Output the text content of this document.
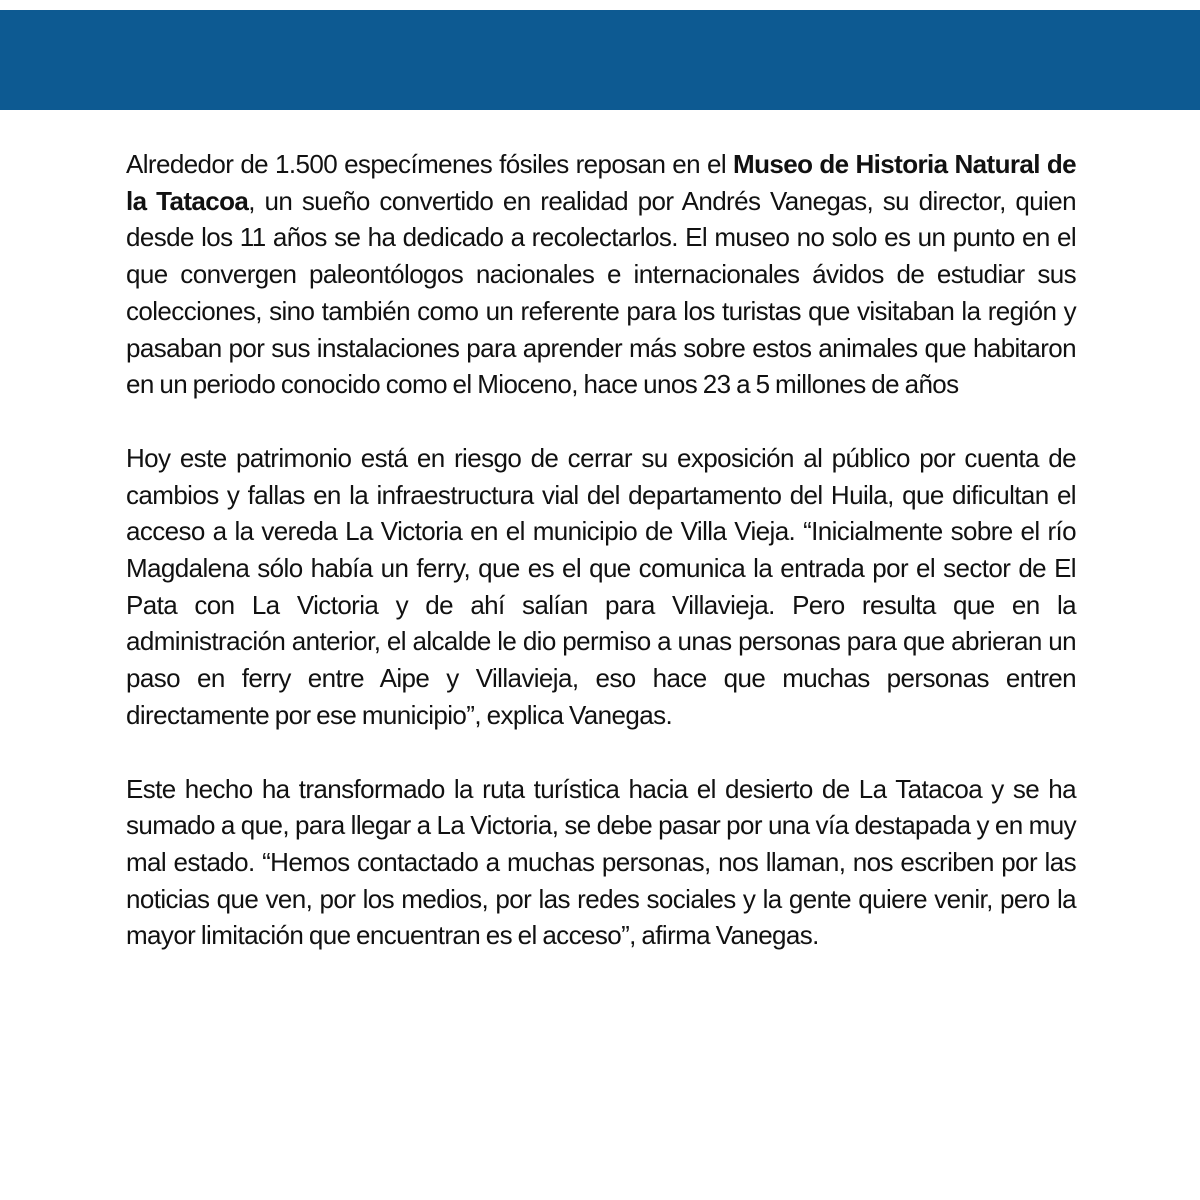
Alrededor de 1.500 especímenes fósiles reposan en el Museo de Historia Natural de la Tatacoa, un sueño convertido en realidad por Andrés Vanegas, su director, quien desde los 11 años se ha dedicado a recolectarlos. El museo no solo es un punto en el que convergen paleontólogos nacionales e internacionales ávidos de estudiar sus colecciones, sino también como un referente para los turistas que visitaban la región y pasaban por sus instalaciones para aprender más sobre estos animales que habitaron en un periodo conocido como el Mioceno, hace unos 23 a 5 millones de años

Hoy este patrimonio está en riesgo de cerrar su exposición al público por cuenta de cambios y fallas en la infraestructura vial del departamento del Huila, que dificultan el acceso a la vereda La Victoria en el municipio de Villa Vieja. “Inicialmente sobre el río Magdalena sólo había un ferry, que es el que comunica la entrada por el sector de El Pata con La Victoria y de ahí salían para Villavieja. Pero resulta que en la administración anterior, el alcalde le dio permiso a unas personas para que abrieran un paso en ferry entre Aipe y Villavieja, eso hace que muchas personas entren directamente por ese municipio”, explica Vanegas.

Este hecho ha transformado la ruta turística hacia el desierto de La Tatacoa y se ha sumado a que, para llegar a La Victoria, se debe pasar por una vía destapada y en muy mal estado. “Hemos contactado a muchas personas, nos llaman, nos escriben por las noticias que ven, por los medios, por las redes sociales y la gente quiere venir, pero la mayor limitación que encuentran es el acceso”, afirma Vanegas.
